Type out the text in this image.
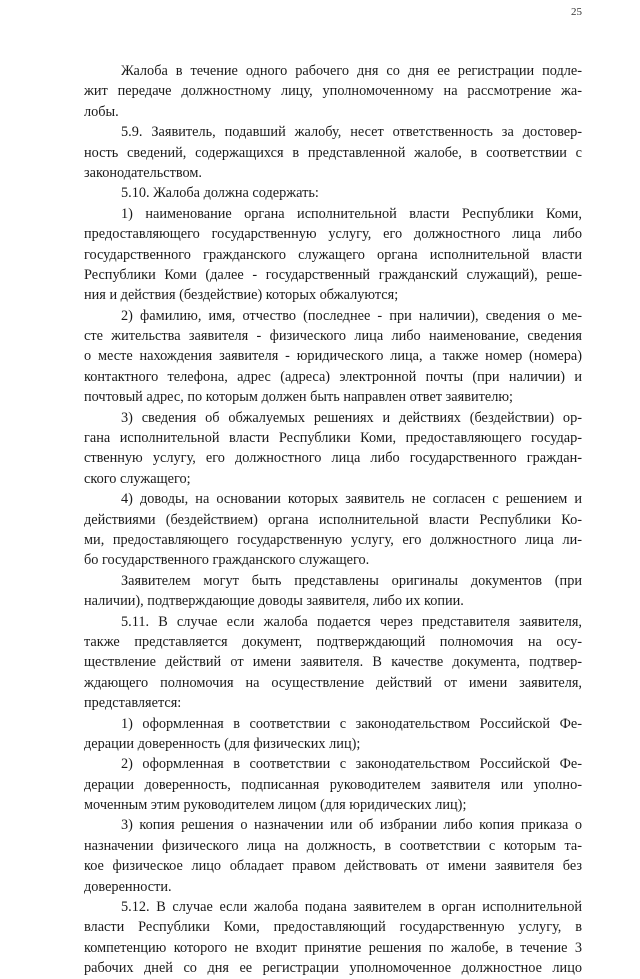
25
Жалоба в течение одного рабочего дня со дня ее регистрации подле-
жит передаче должностному лицу, уполномоченному на рассмотрение жа-
лобы.
5.9. Заявитель, подавший жалобу, несет ответственность за достовер-
ность сведений, содержащихся в представленной жалобе, в соответствии с
законодательством.
5.10. Жалоба должна содержать:
1) наименование органа исполнительной власти Республики Коми,
предоставляющего государственную услугу, его должностного лица либо
государственного гражданского служащего органа исполнительной власти
Республики Коми (далее - государственный гражданский служащий), реше-
ния и действия (бездействие) которых обжалуются;
2) фамилию, имя, отчество (последнее - при наличии), сведения о ме-
сте жительства заявителя - физического лица либо наименование, сведения
о месте нахождения заявителя - юридического лица, а также номер (номера)
контактного телефона, адрес (адреса) электронной почты (при наличии) и
почтовый адрес, по которым должен быть направлен ответ заявителю;
3) сведения об обжалуемых решениях и действиях (бездействии) ор-
гана исполнительной власти Республики Коми, предоставляющего государ-
ственную услугу, его должностного лица либо государственного граждан-
ского служащего;
4) доводы, на основании которых заявитель не согласен с решением и
действиями (бездействием) органа исполнительной власти Республики Ко-
ми, предоставляющего государственную услугу, его должностного лица ли-
бо государственного гражданского служащего.
Заявителем могут быть представлены оригиналы документов (при
наличии), подтверждающие доводы заявителя, либо их копии.
5.11. В случае если жалоба подается через представителя заявителя,
также представляется документ, подтверждающий полномочия на осу-
ществление действий от имени заявителя. В качестве документа, подтвер-
ждающего полномочия на осуществление действий от имени заявителя,
представляется:
1) оформленная в соответствии с законодательством Российской Фе-
дерации доверенность (для физических лиц);
2) оформленная в соответствии с законодательством Российской Фе-
дерации доверенность, подписанная руководителем заявителя или уполно-
моченным этим руководителем лицом (для юридических лиц);
3) копия решения о назначении или об избрании либо копия приказа о
назначении физического лица на должность, в соответствии с которым та-
кое физическое лицо обладает правом действовать от имени заявителя без
доверенности.
5.12. В случае если жалоба подана заявителем в орган исполнительной
власти Республики Коми, предоставляющий государственную услугу, в
компетенцию которого не входит принятие решения по жалобе, в течение 3
рабочих дней со дня ее регистрации уполномоченное должностное лицо
